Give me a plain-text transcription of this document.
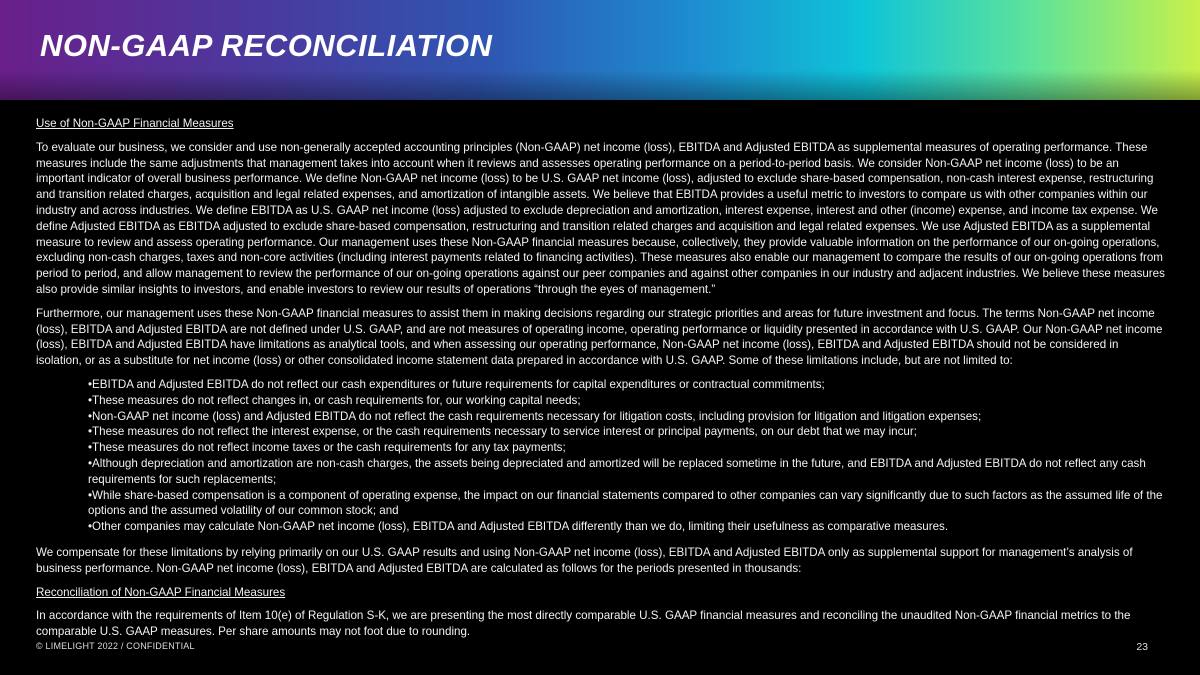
NON-GAAP RECONCILIATION
Use of Non-GAAP Financial Measures

To evaluate our business, we consider and use non-generally accepted accounting principles (Non-GAAP) net income (loss), EBITDA and Adjusted EBITDA as supplemental measures of operating performance. These measures include the same adjustments that management takes into account when it reviews and assesses operating performance on a period-to-period basis. We consider Non-GAAP net income (loss) to be an important indicator of overall business performance. We define Non-GAAP net income (loss) to be U.S. GAAP net income (loss), adjusted to exclude share-based compensation, non-cash interest expense, restructuring and transition related charges, acquisition and legal related expenses, and amortization of intangible assets. We believe that EBITDA provides a useful metric to investors to compare us with other companies within our industry and across industries. We define EBITDA as U.S. GAAP net income (loss) adjusted to exclude depreciation and amortization, interest expense, interest and other (income) expense, and income tax expense. We define Adjusted EBITDA as EBITDA adjusted to exclude share-based compensation, restructuring and transition related charges and acquisition and legal related expenses. We use Adjusted EBITDA as a supplemental measure to review and assess operating performance. Our management uses these Non-GAAP financial measures because, collectively, they provide valuable information on the performance of our on-going operations, excluding non-cash charges, taxes and non-core activities (including interest payments related to financing activities). These measures also enable our management to compare the results of our on-going operations from period to period, and allow management to review the performance of our on-going operations against our peer companies and against other companies in our industry and adjacent industries. We believe these measures also provide similar insights to investors, and enable investors to review our results of operations “through the eyes of management.”

Furthermore, our management uses these Non-GAAP financial measures to assist them in making decisions regarding our strategic priorities and areas for future investment and focus. The terms Non-GAAP net income (loss), EBITDA and Adjusted EBITDA are not defined under U.S. GAAP, and are not measures of operating income, operating performance or liquidity presented in accordance with U.S. GAAP. Our Non-GAAP net income (loss), EBITDA and Adjusted EBITDA have limitations as analytical tools, and when assessing our operating performance, Non-GAAP net income (loss), EBITDA and Adjusted EBITDA should not be considered in isolation, or as a substitute for net income (loss) or other consolidated income statement data prepared in accordance with U.S. GAAP. Some of these limitations include, but are not limited to:

•EBITDA and Adjusted EBITDA do not reflect our cash expenditures or future requirements for capital expenditures or contractual commitments;
•These measures do not reflect changes in, or cash requirements for, our working capital needs;
•Non-GAAP net income (loss) and Adjusted EBITDA do not reflect the cash requirements necessary for litigation costs, including provision for litigation and litigation expenses;
•These measures do not reflect the interest expense, or the cash requirements necessary to service interest or principal payments, on our debt that we may incur;
•These measures do not reflect income taxes or the cash requirements for any tax payments;
•Although depreciation and amortization are non-cash charges, the assets being depreciated and amortized will be replaced sometime in the future, and EBITDA and Adjusted EBITDA do not reflect any cash requirements for such replacements;
•While share-based compensation is a component of operating expense, the impact on our financial statements compared to other companies can vary significantly due to such factors as the assumed life of the options and the assumed volatility of our common stock; and
•Other companies may calculate Non-GAAP net income (loss), EBITDA and Adjusted EBITDA differently than we do, limiting their usefulness as comparative measures.

We compensate for these limitations by relying primarily on our U.S. GAAP results and using Non-GAAP net income (loss), EBITDA and Adjusted EBITDA only as supplemental support for management’s analysis of business performance. Non-GAAP net income (loss), EBITDA and Adjusted EBITDA are calculated as follows for the periods presented in thousands:

Reconciliation of Non-GAAP Financial Measures

In accordance with the requirements of Item 10(e) of Regulation S-K, we are presenting the most directly comparable U.S. GAAP financial measures and reconciling the unaudited Non-GAAP financial metrics to the comparable U.S. GAAP measures. Per share amounts may not foot due to rounding.

© LIMELIGHT 2022 / CONFIDENTIAL	23
